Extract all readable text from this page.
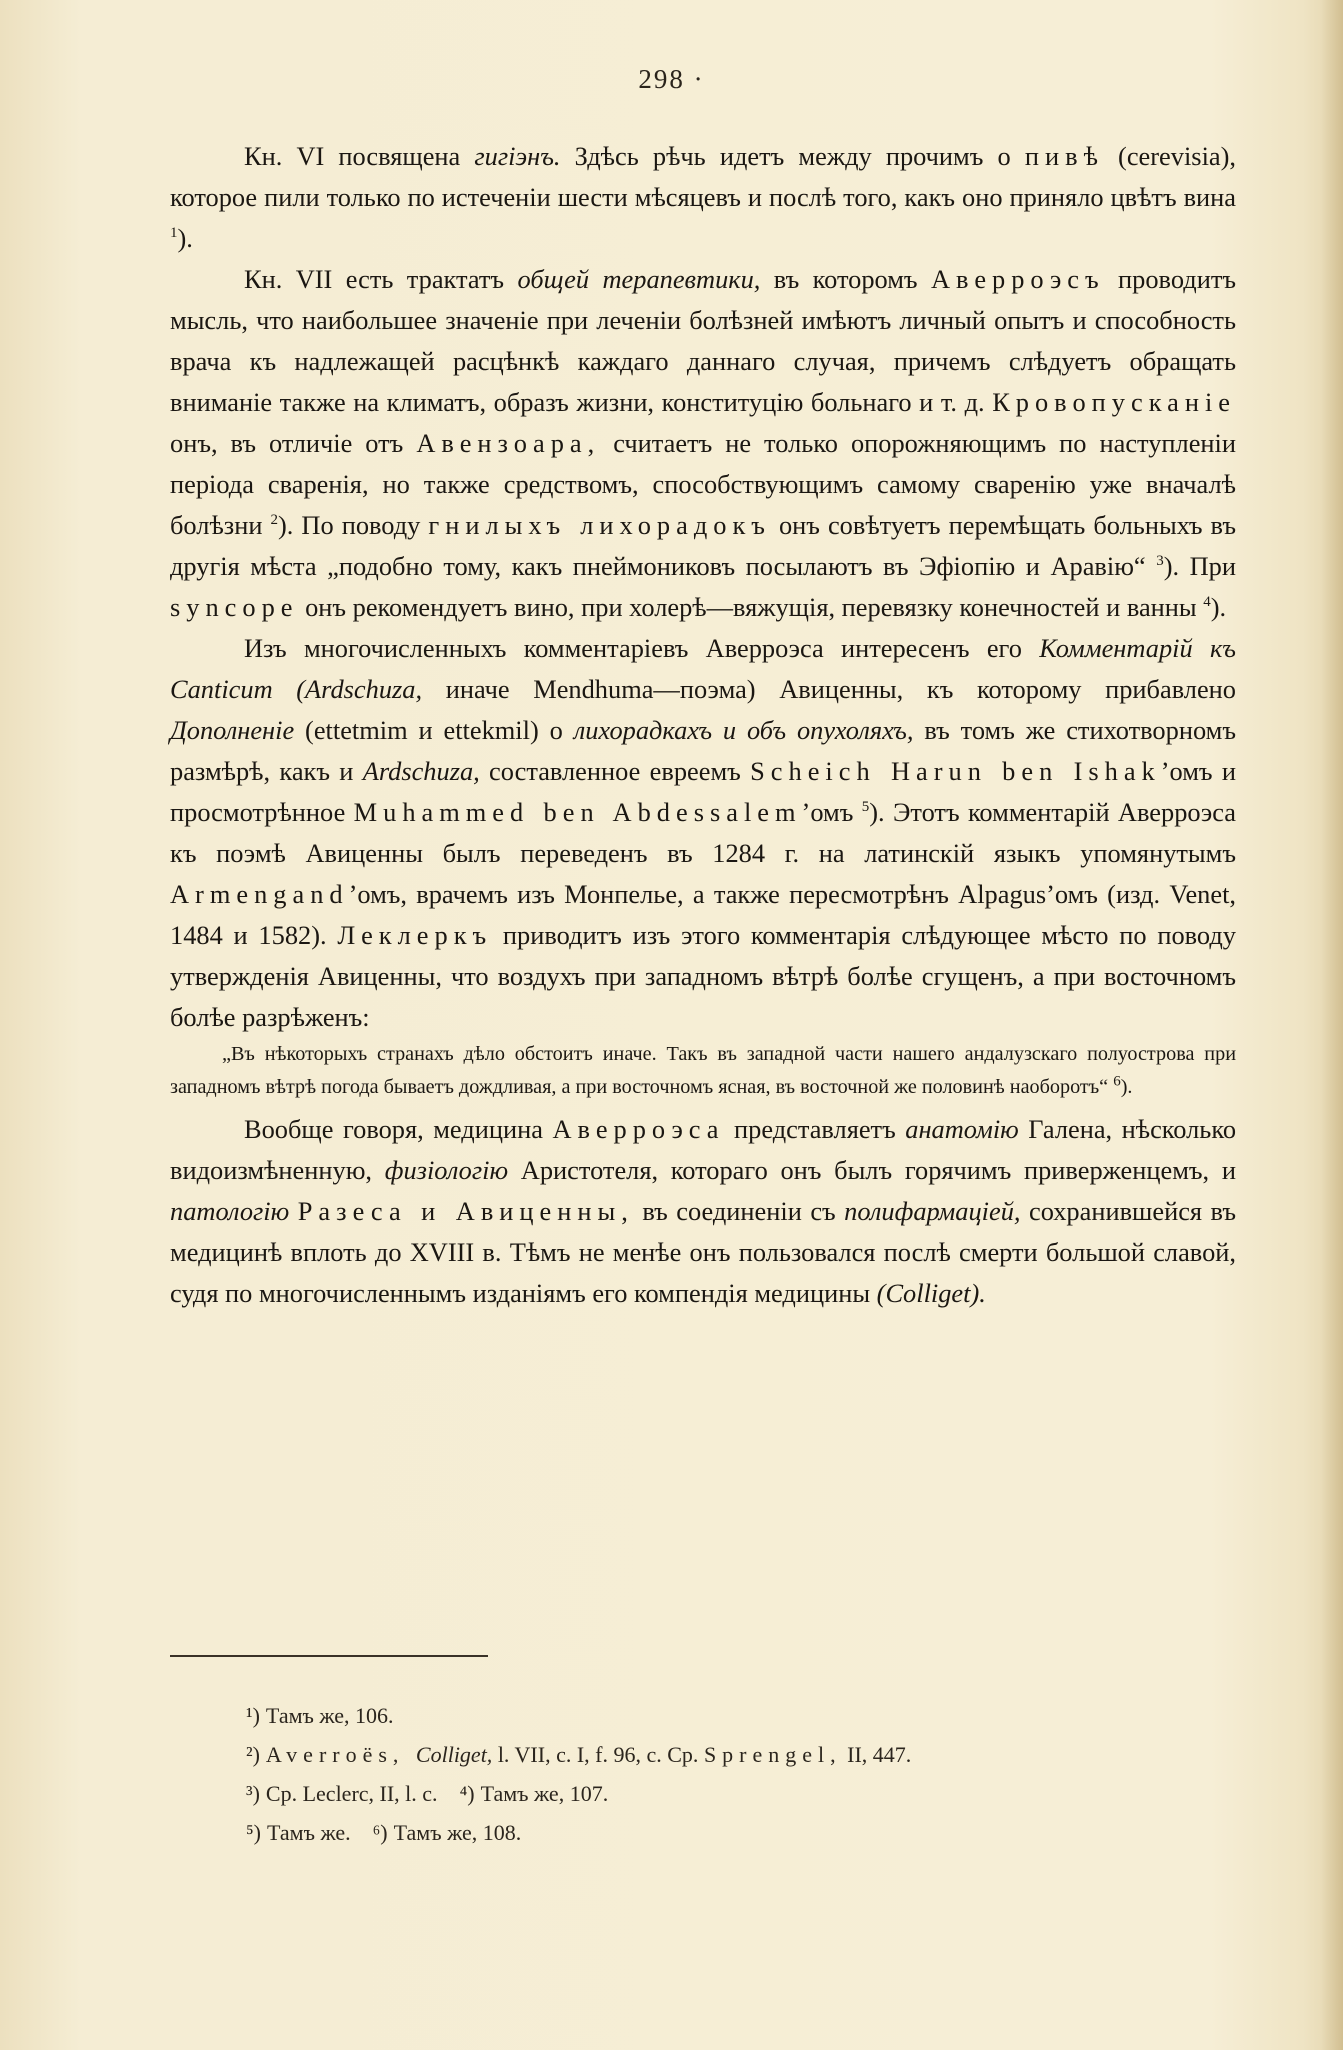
298 ·

Кн. VI посвящена гигіэнъ. Здѣсь рѣчь идетъ между прочимъ о пивѣ (cerevisia), которое пили только по истеченіи шести мѣсяцевъ и послѣ того, какъ оно приняло цвѣтъ вина $^1$).

Кн. VII есть трактатъ общей терапевтики, въ которомъ Аверроэсъ проводитъ мысль, что наибольшее значеніе при леченіи болѣзней имѣютъ личный опытъ и способность врача къ надлежащей расцѣнкѣ каждаго даннаго случая, причемъ слѣдуетъ обращать вниманіе также на климатъ, образъ жизни, конституцію больнаго и т. д. Кровопусканіе онъ, въ отличіе отъ Авензоара, считаетъ не только опорожняющимъ по наступленіи періода сваренія, но также средствомъ, способствующимъ самому сваренію уже вначалѣ болѣзни $^2$). По поводу гнилыхъ лихорадокъ онъ совѣтуетъ перемѣщать больныхъ въ другія мѣста „подобно тому, какъ пнеймониковъ посылаютъ въ Эфіопію и Аравію“ $^3$). При syncope онъ рекомендуетъ вино, при холерѣ—вяжущія, перевязку конечностей и ванны $^4$).

Изъ многочисленныхъ комментаріевъ Аверроэса интересенъ его Комментарій къ Canticum (Ardschuza, иначе Mendhuma—поэма) Авиценны, къ которому прибавлено Дополненіе (ettetmim и ettekmil) о лихорадкахъ и объ опухоляхъ, въ томъ же стихотворномъ размѣрѣ, какъ и Ardschuza, составленное евреемъ Scheich Harun ben Ishak’омъ и просмотрѣнное Muhammed ben Abdessalem’омъ $^5$). Этотъ комментарій Аверроэса къ поэмѣ Авиценны былъ переведенъ въ 1284 г. на латинскій языкъ упомянутымъ Armengand’омъ, врачемъ изъ Монпелье, а также пересмотрѣнъ Alpagus’омъ (изд. Venet, 1484 и 1582). Леклеркъ приводитъ изъ этого комментарія слѣдующее мѣсто по поводу утвержденія Авиценны, что воздухъ при западномъ вѣтрѣ болѣе сгущенъ, а при восточномъ болѣе разрѣженъ:

„Въ нѣкоторыхъ странахъ дѣло обстоитъ иначе. Такъ въ западной части нашего андалузскаго полуострова при западномъ вѣтрѣ погода бываетъ дождливая, а при восточномъ ясная, въ восточной же половинѣ наоборотъ“ $^6$).

Вообще говоря, медицина Аверроэса представляетъ анатомію Галена, нѣсколько видоизмѣненную, физіологію Аристотеля, котораго онъ былъ горячимъ приверженцемъ, и патологію Разеса и Авиценны, въ соединеніи съ полифармаціей, сохранившейся въ медицинѣ вплоть до XVIII в. Тѣмъ не менѣе онъ пользовался послѣ смерти большой славой, судя по многочисленнымъ изданіямъ его компендія медицины (Colliget).

¹) Тамъ же, 106.
²) Averroës, Colliget, l. VII, c. I, f. 96, c. Cp. Sprengel, II, 447.
³) Cp. Leclerc, II, l. c. ⁴) Тамъ же, 107.
⁵) Тамъ же. ⁶) Тамъ же, 108.
